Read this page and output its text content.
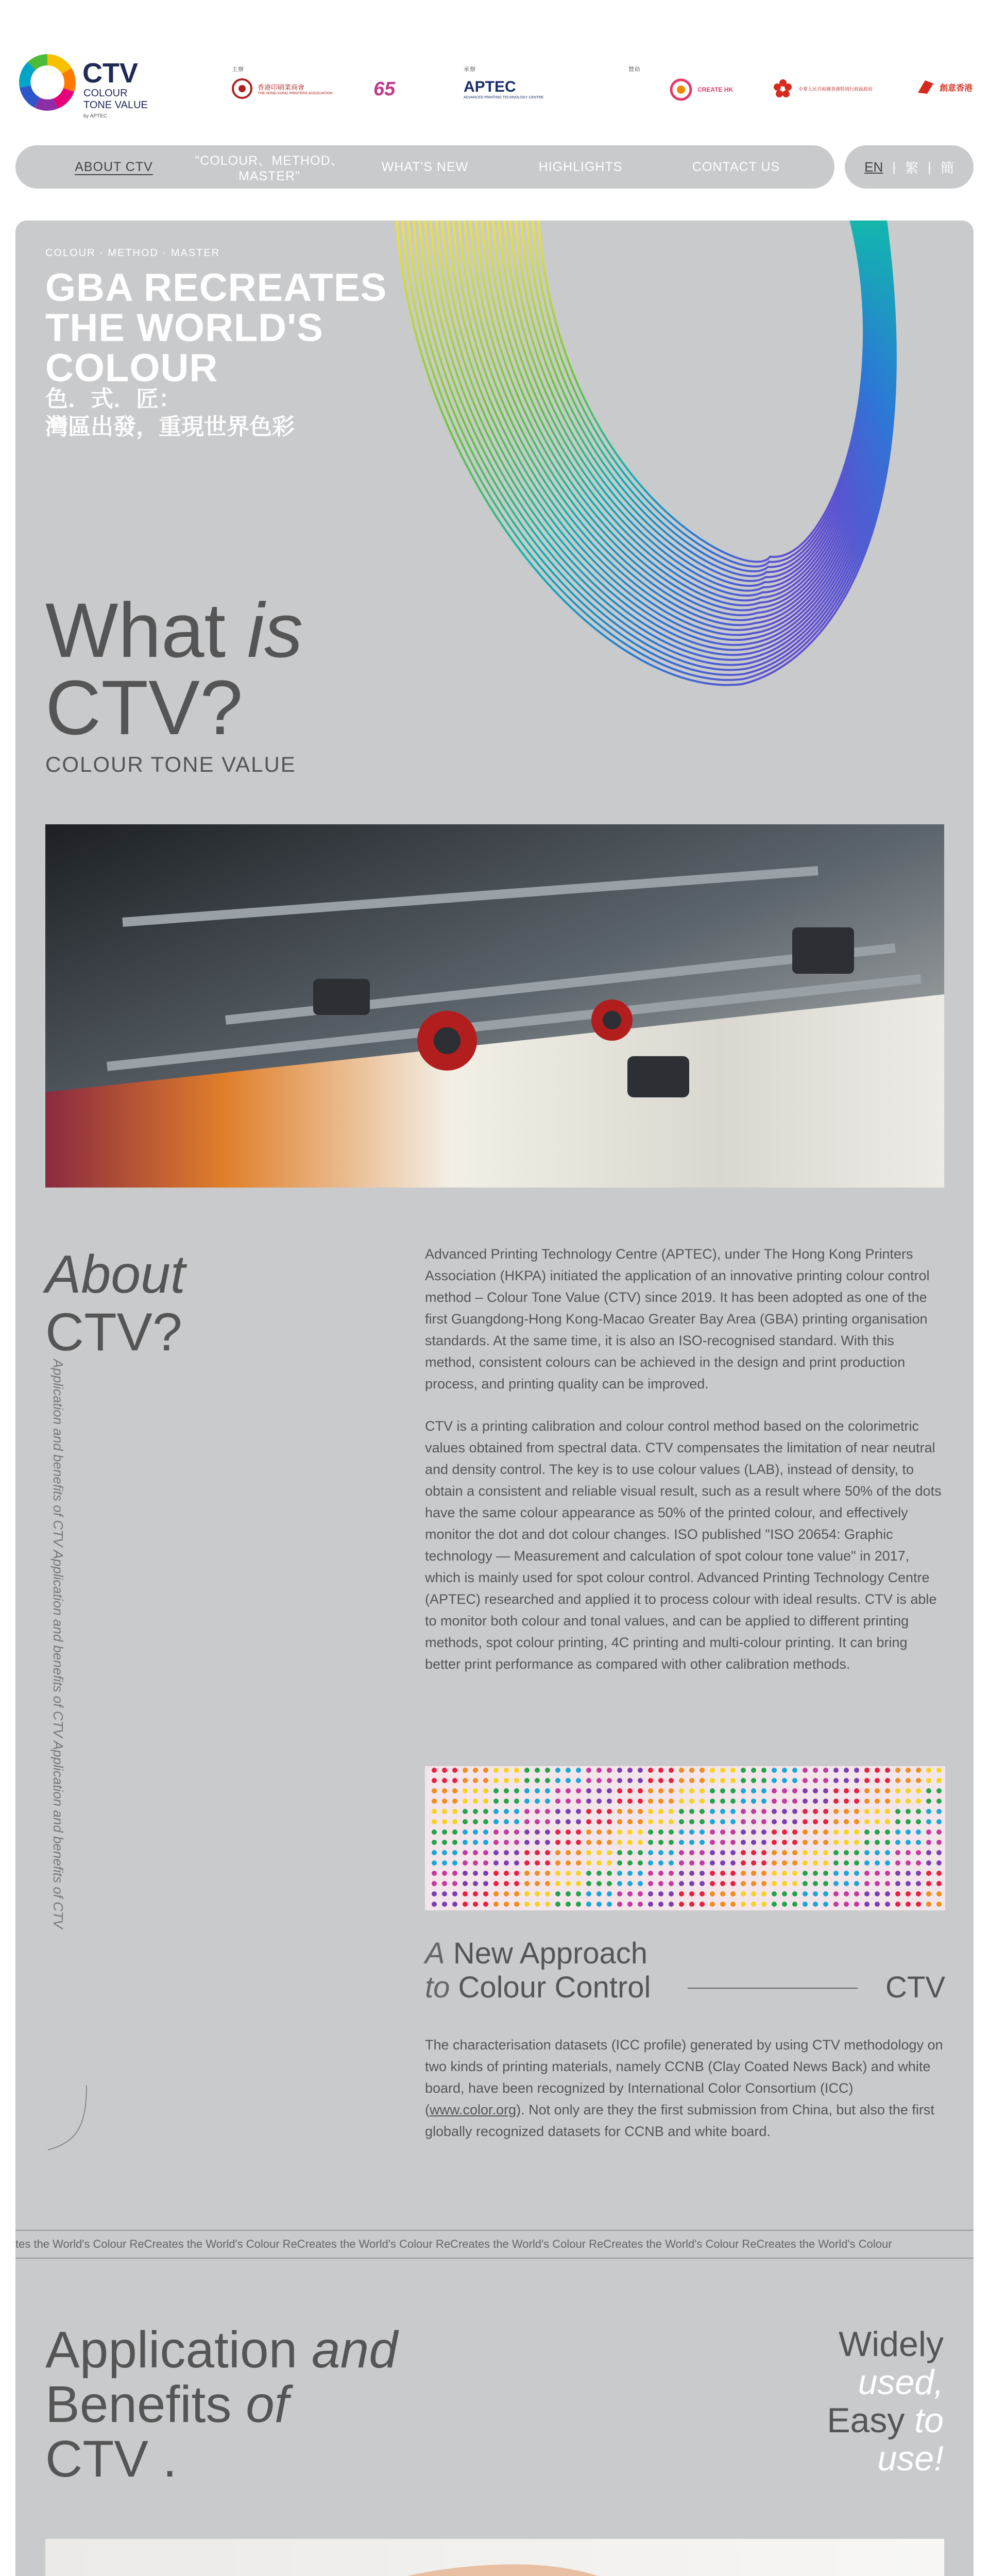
CTV
COLOUR
TONE VALUE
by APTEC
主辦
香港印刷業商會
THE HONG KONG PRINTERS ASSOCIATION 65
承辦
APTEC
ADVANCED PRINTING TECHNOLOGY CENTRE
贊助
CREATE HK	中華人民共和國香港特別行政區政府	創意香港
ABOUT CTV	"COLOUR、METHOD、MASTER"
WHAT'S NEW	HIGHLIGHTS	CONTACT US	EN | 繁 | 簡
COLOUR · METHOD · MASTER
GBA RECREATES THE WORLD'S COLOUR
色．式．匠：
灣區出發，重現世界色彩
What is
CTV?
COLOUR TONE VALUE
About
CTV?
Application and benefits of CTV Application and benefits of CTV Application and benefits of CTV

Advanced Printing Technology Centre (APTEC), under The Hong Kong Printers Association (HKPA) initiated the application of an innovative printing colour control method – Colour Tone Value (CTV) since 2019. It has been adopted as one of the first Guangdong-Hong Kong-Macao Greater Bay Area (GBA) printing organisation standards. At the same time, it is also an ISO-recognised standard. With this method, consistent colours can be achieved in the design and print production process, and printing quality can be improved.

CTV is a printing calibration and colour control method based on the colorimetric values obtained from spectral data. CTV compensates the limitation of near neutral and density control. The key is to use colour values (LAB), instead of density, to obtain a consistent and reliable visual result, such as a result where 50% of the dots have the same colour appearance as 50% of the printed colour, and effectively monitor the dot and dot colour changes. ISO published "ISO 20654: Graphic technology — Measurement and calculation of spot colour tone value" in 2017, which is mainly used for spot colour control. Advanced Printing Technology Centre (APTEC) researched and applied it to process colour with ideal results. CTV is able to monitor both colour and tonal values, and can be applied to different printing methods, spot colour printing, 4C printing and multi-colour printing. It can bring better print performance as compared with other calibration methods.

A New Approach
to Colour Control	CTV
The characterisation datasets (ICC profile) generated by using CTV methodology on two kinds of printing materials, namely CCNB (Clay Coated News Back) and white board, have been recognized by International Color Consortium (ICC) (www.color.org). Not only are they the first submission from China, but also the first globally recognized datasets for CCNB and white board.
tes the World's Colour ReCreates the World's Colour ReCreates the World's Colour ReCreates the World's Colour ReCreates the World's Colour ReCreates the World's Colour
Application and
Benefits of
CTV .
Widely
used,
Easy to
use!
